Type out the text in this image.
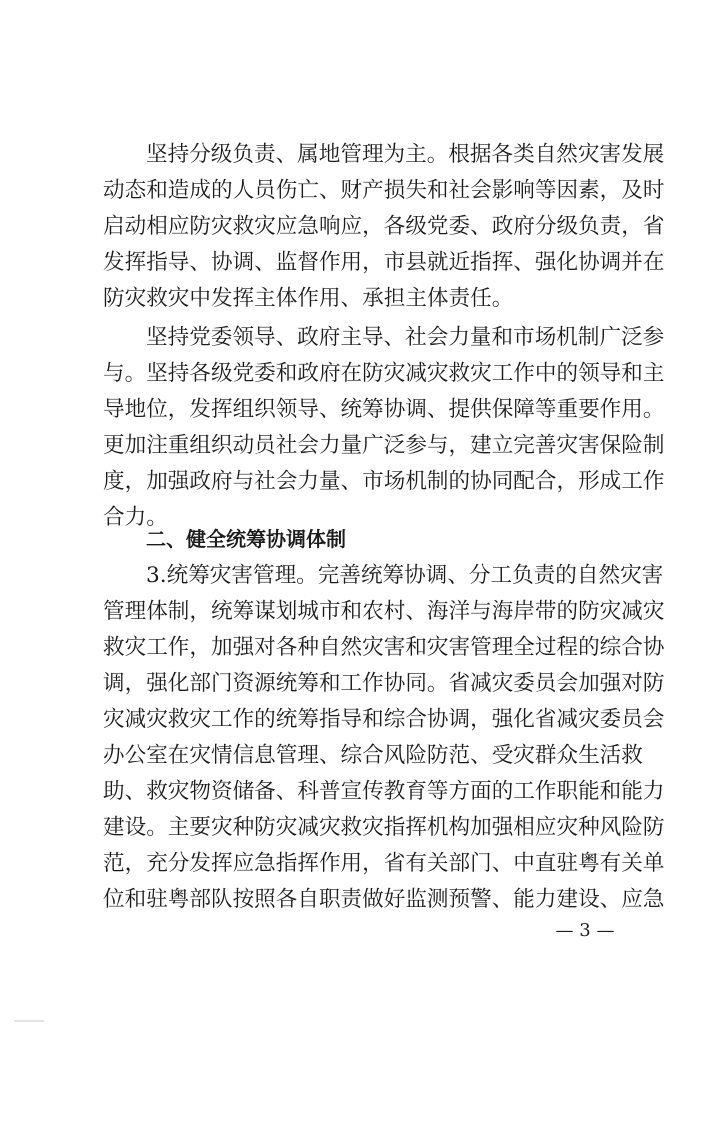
坚持分级负责、属地管理为主。根据各类自然灾害发展
动态和造成的人员伤亡、财产损失和社会影响等因素，及时
启动相应防灾救灾应急响应，各级党委、政府分级负责，省
发挥指导、协调、监督作用，市县就近指挥、强化协调并在
防灾救灾中发挥主体作用、承担主体责任。
坚持党委领导、政府主导、社会力量和市场机制广泛参
与。坚持各级党委和政府在防灾减灾救灾工作中的领导和主
导地位，发挥组织领导、统筹协调、提供保障等重要作用。
更加注重组织动员社会力量广泛参与，建立完善灾害保险制
度，加强政府与社会力量、市场机制的协同配合，形成工作
合力。
二、健全统筹协调体制
3.统筹灾害管理。完善统筹协调、分工负责的自然灾害
管理体制，统筹谋划城市和农村、海洋与海岸带的防灾减灾
救灾工作，加强对各种自然灾害和灾害管理全过程的综合协
调，强化部门资源统筹和工作协同。省减灾委员会加强对防
灾减灾救灾工作的统筹指导和综合协调，强化省减灾委员会
办公室在灾情信息管理、综合风险防范、受灾群众生活救
助、救灾物资储备、科普宣传教育等方面的工作职能和能力
建设。主要灾种防灾减灾救灾指挥机构加强相应灾种风险防
范，充分发挥应急指挥作用，省有关部门、中直驻粤有关单
位和驻粤部队按照各自职责做好监测预警、能力建设、应急
— 3 —
